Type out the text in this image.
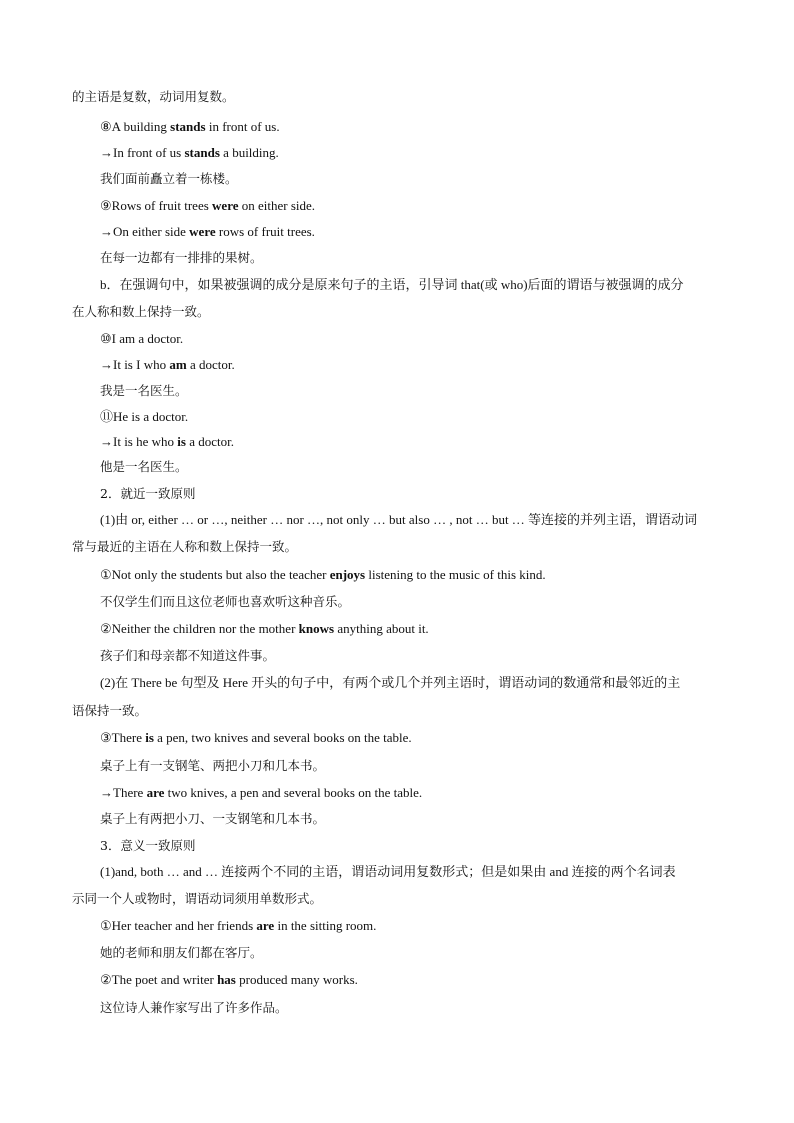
的主语是复数，动词用复数。
⑧A building stands in front of us.
→In front of us stands a building.
我们面前矗立着一栋楼。
⑨Rows of fruit trees were on either side.
→On either side were rows of fruit trees.
在每一边都有一排排的果树。
b．在强调句中，如果被强调的成分是原来句子的主语，引导词 that(或 who)后面的谓语与被强调的成分
在人称和数上保持一致。
⑩I am a doctor.
→It is I who am a doctor.
我是一名医生。
⑪He is a doctor.
→It is he who is a doctor.
他是一名医生。
2．就近一致原则
(1)由 or, either … or …, neither … nor …, not only … but also … , not … but … 等连接的并列主语，谓语动词
常与最近的主语在人称和数上保持一致。
①Not only the students but also the teacher enjoys listening to the music of this kind.
不仅学生们而且这位老师也喜欢听这种音乐。
②Neither the children nor the mother knows anything about it.
孩子们和母亲都不知道这件事。
(2)在 There be 句型及 Here 开头的句子中，有两个或几个并列主语时，谓语动词的数通常和最邻近的主
语保持一致。
③There is a pen, two knives and several books on the table.
桌子上有一支钢笔、两把小刀和几本书。
→There are two knives, a pen and several books on the table.
桌子上有两把小刀、一支钢笔和几本书。
3．意义一致原则
(1)and, both … and … 连接两个不同的主语，谓语动词用复数形式；但是如果由 and 连接的两个名词表
示同一个人或物时，谓语动词须用单数形式。
①Her teacher and her friends are in the sitting room.
她的老师和朋友们都在客厅。
②The poet and writer has produced many works.
这位诗人兼作家写出了许多作品。
